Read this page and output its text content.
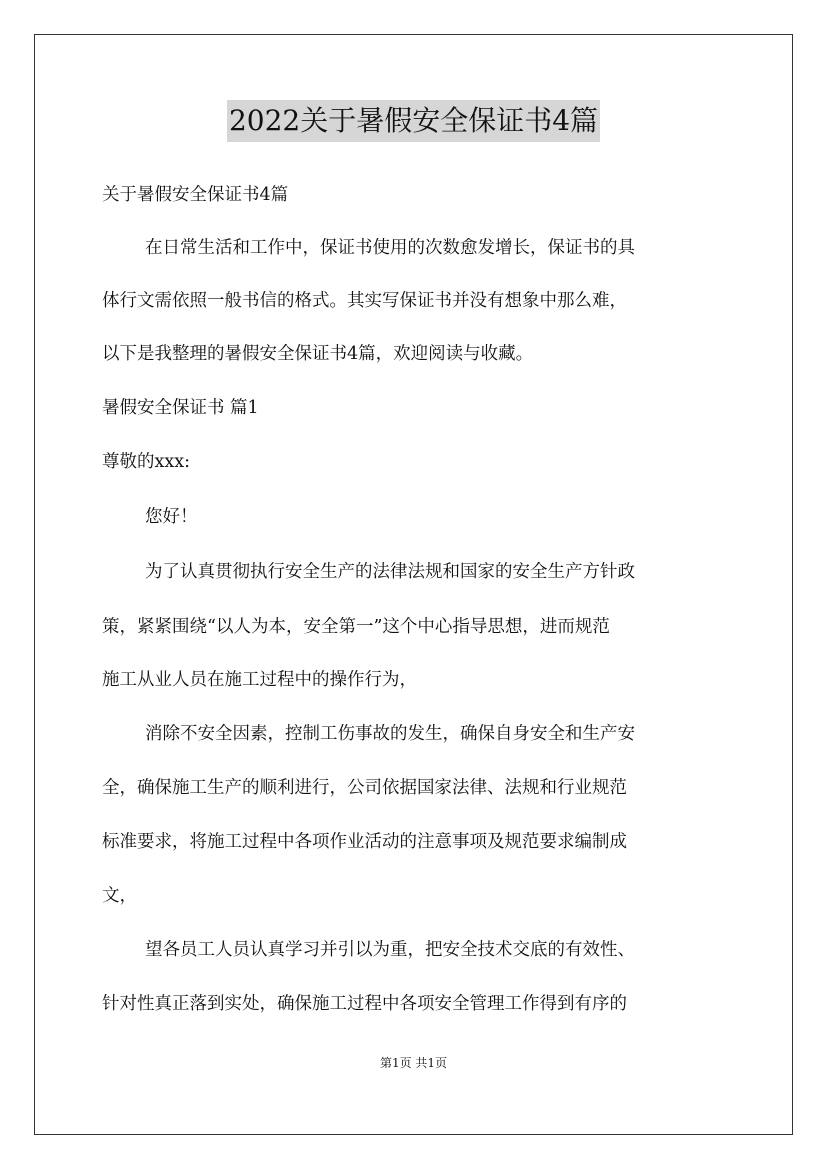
2022关于暑假安全保证书4篇
关于暑假安全保证书4篇
在日常生活和工作中，保证书使用的次数愈发增长，保证书的具
体行文需依照一般书信的格式。其实写保证书并没有想象中那么难，
以下是我整理的暑假安全保证书4篇，欢迎阅读与收藏。
暑假安全保证书 篇1
尊敬的xxx:
您好！
为了认真贯彻执行安全生产的法律法规和国家的安全生产方针政
策，紧紧围绕“以人为本，安全第一”这个中心指导思想，进而规范
施工从业人员在施工过程中的操作行为，
消除不安全因素，控制工伤事故的发生，确保自身安全和生产安
全，确保施工生产的顺利进行，公司依据国家法律、法规和行业规范
标准要求，将施工过程中各项作业活动的注意事项及规范要求编制成
文，
望各员工人员认真学习并引以为重，把安全技术交底的有效性、
针对性真正落到实处，确保施工过程中各项安全管理工作得到有序的
第1页 共1页
